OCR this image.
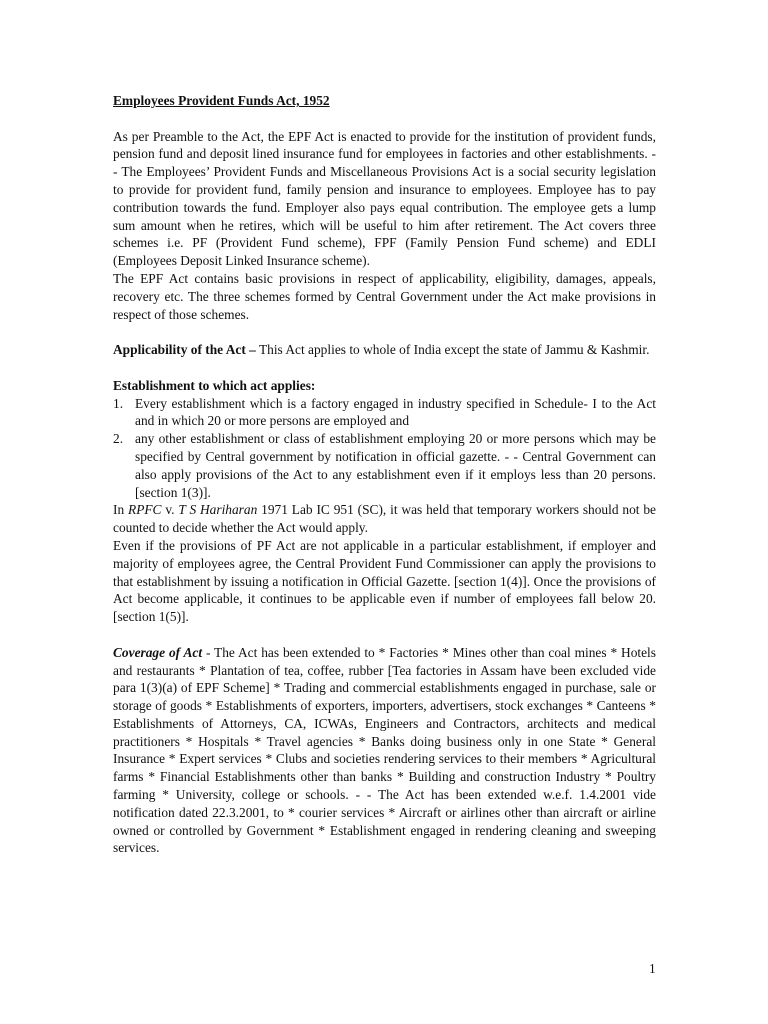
Employees Provident Funds Act, 1952

As per Preamble to the Act, the EPF Act is enacted to provide for the institution of provident funds, pension fund and deposit lined insurance fund for employees in factories and other establishments. - - The Employees’ Provident Funds and Miscellaneous Provisions Act is a social security legislation to provide for provident fund, family pension and insurance to employees. Employee has to pay contribution towards the fund. Employer also pays equal contribution. The employee gets a lump sum amount when he retires, which will be useful to him after retirement. The Act covers three schemes i.e. PF (Provident Fund scheme), FPF (Family Pension Fund scheme) and EDLI (Employees Deposit Linked Insurance scheme).

The EPF Act contains basic provisions in respect of applicability, eligibility, damages, appeals, recovery etc. The three schemes formed by Central Government under the Act make provisions in respect of those schemes.

Applicability of the Act – This Act applies to whole of India except the state of Jammu & Kashmir.

Establishment to which act applies:
1. Every establishment which is a factory engaged in industry specified in Schedule- I to the Act and in which 20 or more persons are employed and
2. any other establishment or class of establishment employing 20 or more persons which may be specified by Central government by notification in official gazette. - - Central Government can also apply provisions of the Act to any establishment even if it employs less than 20 persons. [section 1(3)].

In RPFC v. T S Hariharan 1971 Lab IC 951 (SC), it was held that temporary workers should not be counted to decide whether the Act would apply.

Even if the provisions of PF Act are not applicable in a particular establishment, if employer and majority of employees agree, the Central Provident Fund Commissioner can apply the provisions to that establishment by issuing a notification in Official Gazette. [section 1(4)]. Once the provisions of Act become applicable, it continues to be applicable even if number of employees fall below 20. [section 1(5)].

Coverage of Act - The Act has been extended to * Factories * Mines other than coal mines * Hotels and restaurants * Plantation of tea, coffee, rubber [Tea factories in Assam have been excluded vide para 1(3)(a) of EPF Scheme] * Trading and commercial establishments engaged in purchase, sale or storage of goods * Establishments of exporters, importers, advertisers, stock exchanges * Canteens * Establishments of Attorneys, CA, ICWAs, Engineers and Contractors, architects and medical practitioners * Hospitals * Travel agencies * Banks doing business only in one State * General Insurance * Expert services * Clubs and societies rendering services to their members * Agricultural farms * Financial Establishments other than banks * Building and construction Industry * Poultry farming * University, college or schools. - - The Act has been extended w.e.f. 1.4.2001 vide notification dated 22.3.2001, to * courier services * Aircraft or airlines other than aircraft or airline owned or controlled by Government * Establishment engaged in rendering cleaning and sweeping services.

1
